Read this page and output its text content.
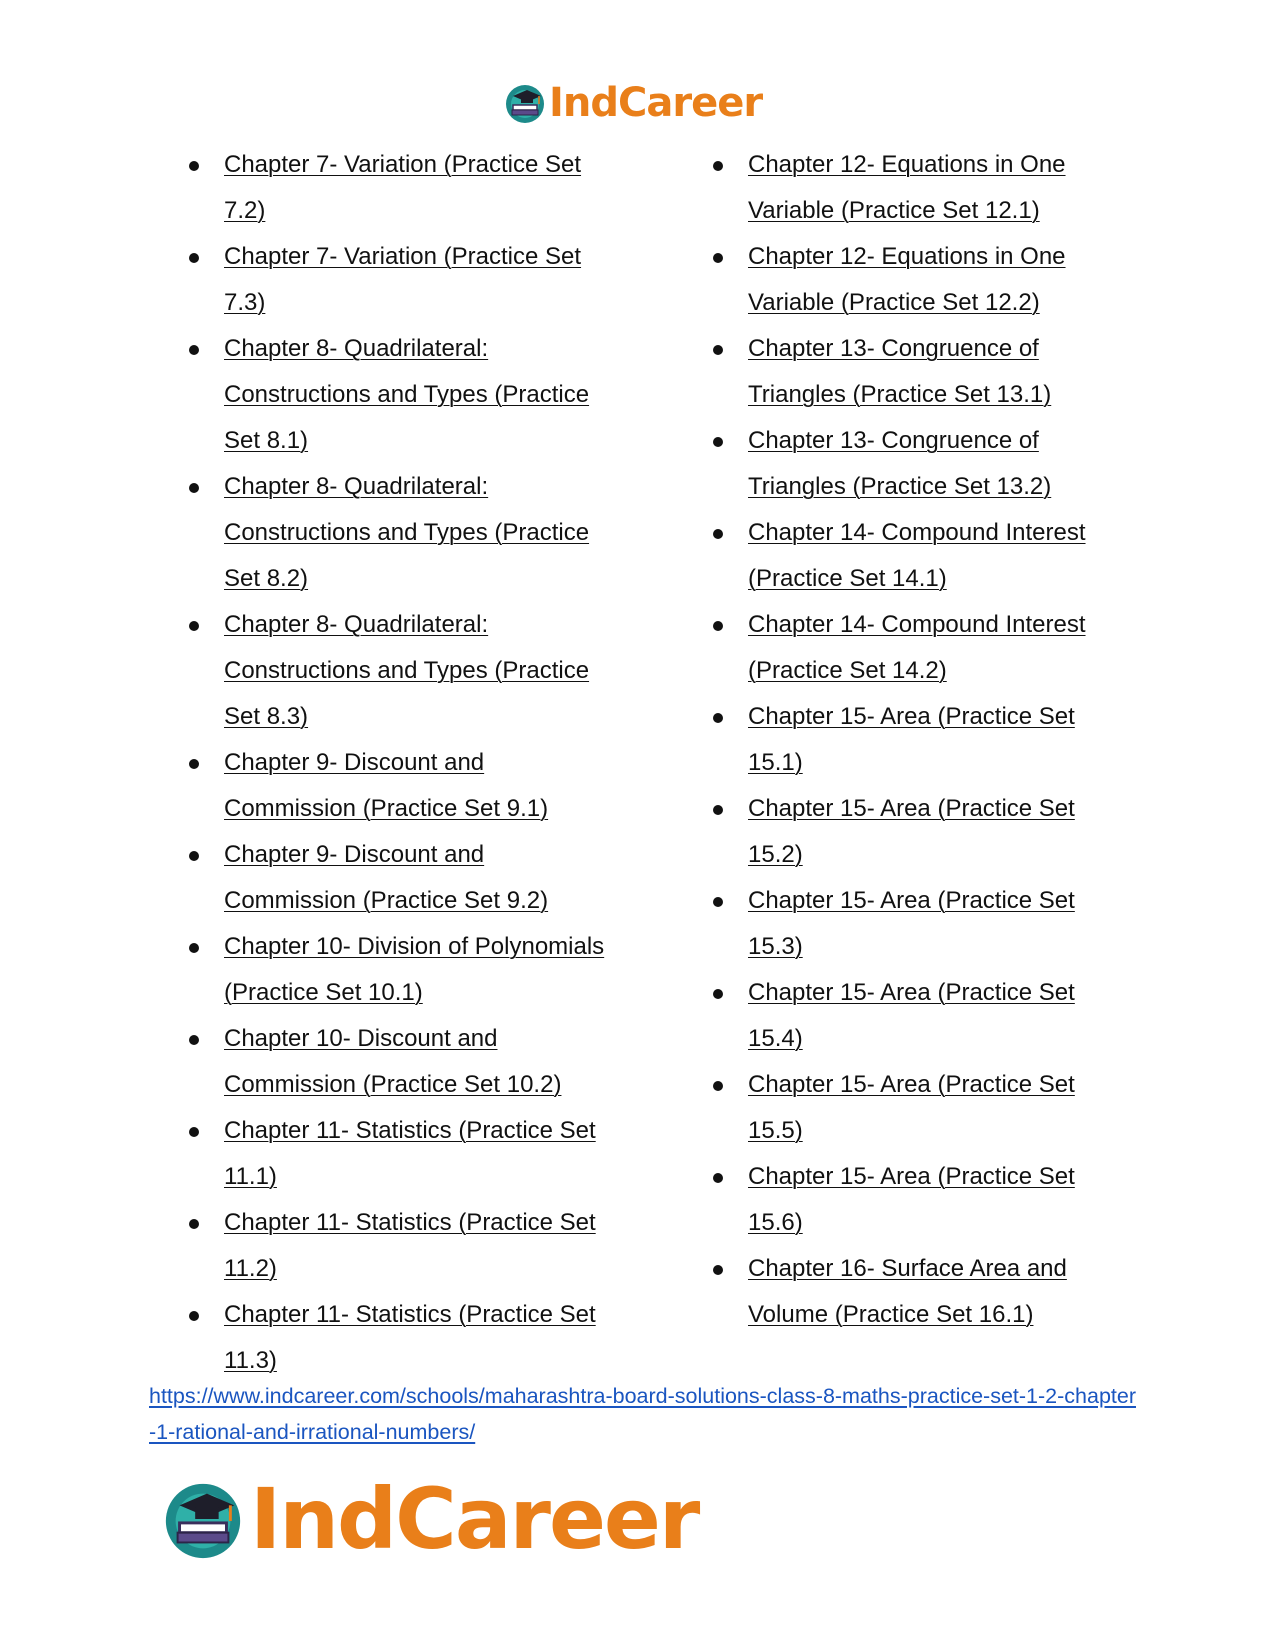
IndCareer
Chapter 7- Variation (Practice Set 7.2)
Chapter 7- Variation (Practice Set 7.3)
Chapter 8- Quadrilateral: Constructions and Types (Practice Set 8.1)
Chapter 8- Quadrilateral: Constructions and Types (Practice Set 8.2)
Chapter 8- Quadrilateral: Constructions and Types (Practice Set 8.3)
Chapter 9- Discount and Commission (Practice Set 9.1)
Chapter 9- Discount and Commission (Practice Set 9.2)
Chapter 10- Division of Polynomials (Practice Set 10.1)
Chapter 10- Discount and Commission (Practice Set 10.2)
Chapter 11- Statistics (Practice Set 11.1)
Chapter 11- Statistics (Practice Set 11.2)
Chapter 11- Statistics (Practice Set 11.3)
Chapter 12- Equations in One Variable (Practice Set 12.1)
Chapter 12- Equations in One Variable (Practice Set 12.2)
Chapter 13- Congruence of Triangles (Practice Set 13.1)
Chapter 13- Congruence of Triangles (Practice Set 13.2)
Chapter 14- Compound Interest (Practice Set 14.1)
Chapter 14- Compound Interest (Practice Set 14.2)
Chapter 15- Area (Practice Set 15.1)
Chapter 15- Area (Practice Set 15.2)
Chapter 15- Area (Practice Set 15.3)
Chapter 15- Area (Practice Set 15.4)
Chapter 15- Area (Practice Set 15.5)
Chapter 15- Area (Practice Set 15.6)
Chapter 16- Surface Area and Volume (Practice Set 16.1)
https://www.indcareer.com/schools/maharashtra-board-solutions-class-8-maths-practice-set-1-2-chapter-1-rational-and-irrational-numbers/
IndCareer
